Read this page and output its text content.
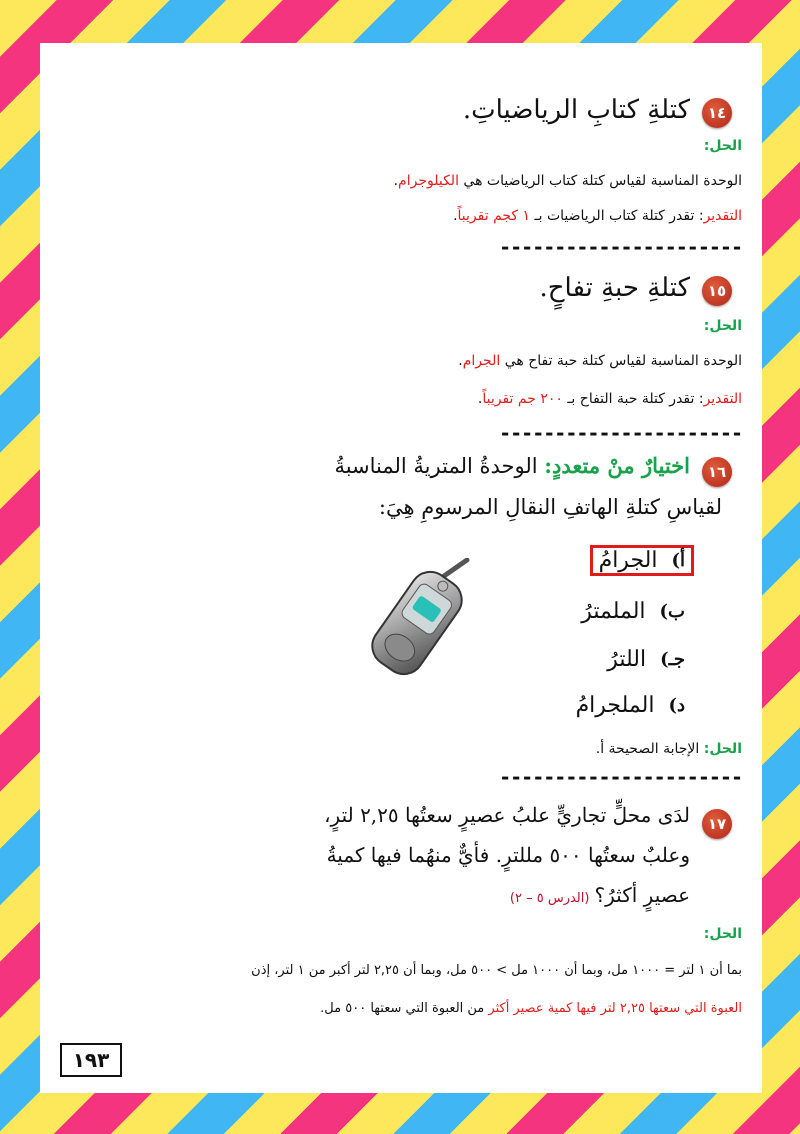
١٤
كتلةِ كتابِ الرياضياتِ.
الحل:
الوحدة المناسبة لقياس كتلة كتاب الرياضيات هي الكيلوجرام.
التقدير: تقدر كتلة كتاب الرياضيات بـ ١ كجم تقريباً.
----------------------
١٥
كتلةِ حبةِ تفاحٍ.
الحل:
الوحدة المناسبة لقياس كتلة حبة تفاح هي الجرام.
التقدير: تقدر كتلة حبة التفاح بـ ٢٠٠ جم تقريباً.
----------------------
١٦
اختيارٌ منْ متعددٍ: الوحدةُ المتريةُ المناسبةُ
لقياسِ كتلةِ الهاتفِ النقالِ المرسومِ هِيَ:
أ)
الجرامُ
ب)
الملمترُ
جـ)
اللترُ
د)
الملجرامُ
الحل: الإجابة الصحيحة أ.
----------------------
١٧
لدَى محلٍّ تجاريٍّ علبُ عصيرٍ سعتُها ٢,٢٥ لترٍ،
وعلبٌ سعتُها ٥٠٠ مللترٍ. فأيٌّ منهُما فيها كميةُ
عصيرٍ أكثرُ؟ (الدرس ٥ – ٢)
الحل:
بما أن ١ لتر = ١٠٠٠ مل، وبما أن ١٠٠٠ مل > ٥٠٠ مل، وبما أن ٢,٢٥ لتر أكبر من ١ لتر، إذن
العبوة التي سعتها ٢,٢٥ لتر فيها كمية عصير أكثر من العبوة التي سعتها ٥٠٠ مل.
١٩٣
